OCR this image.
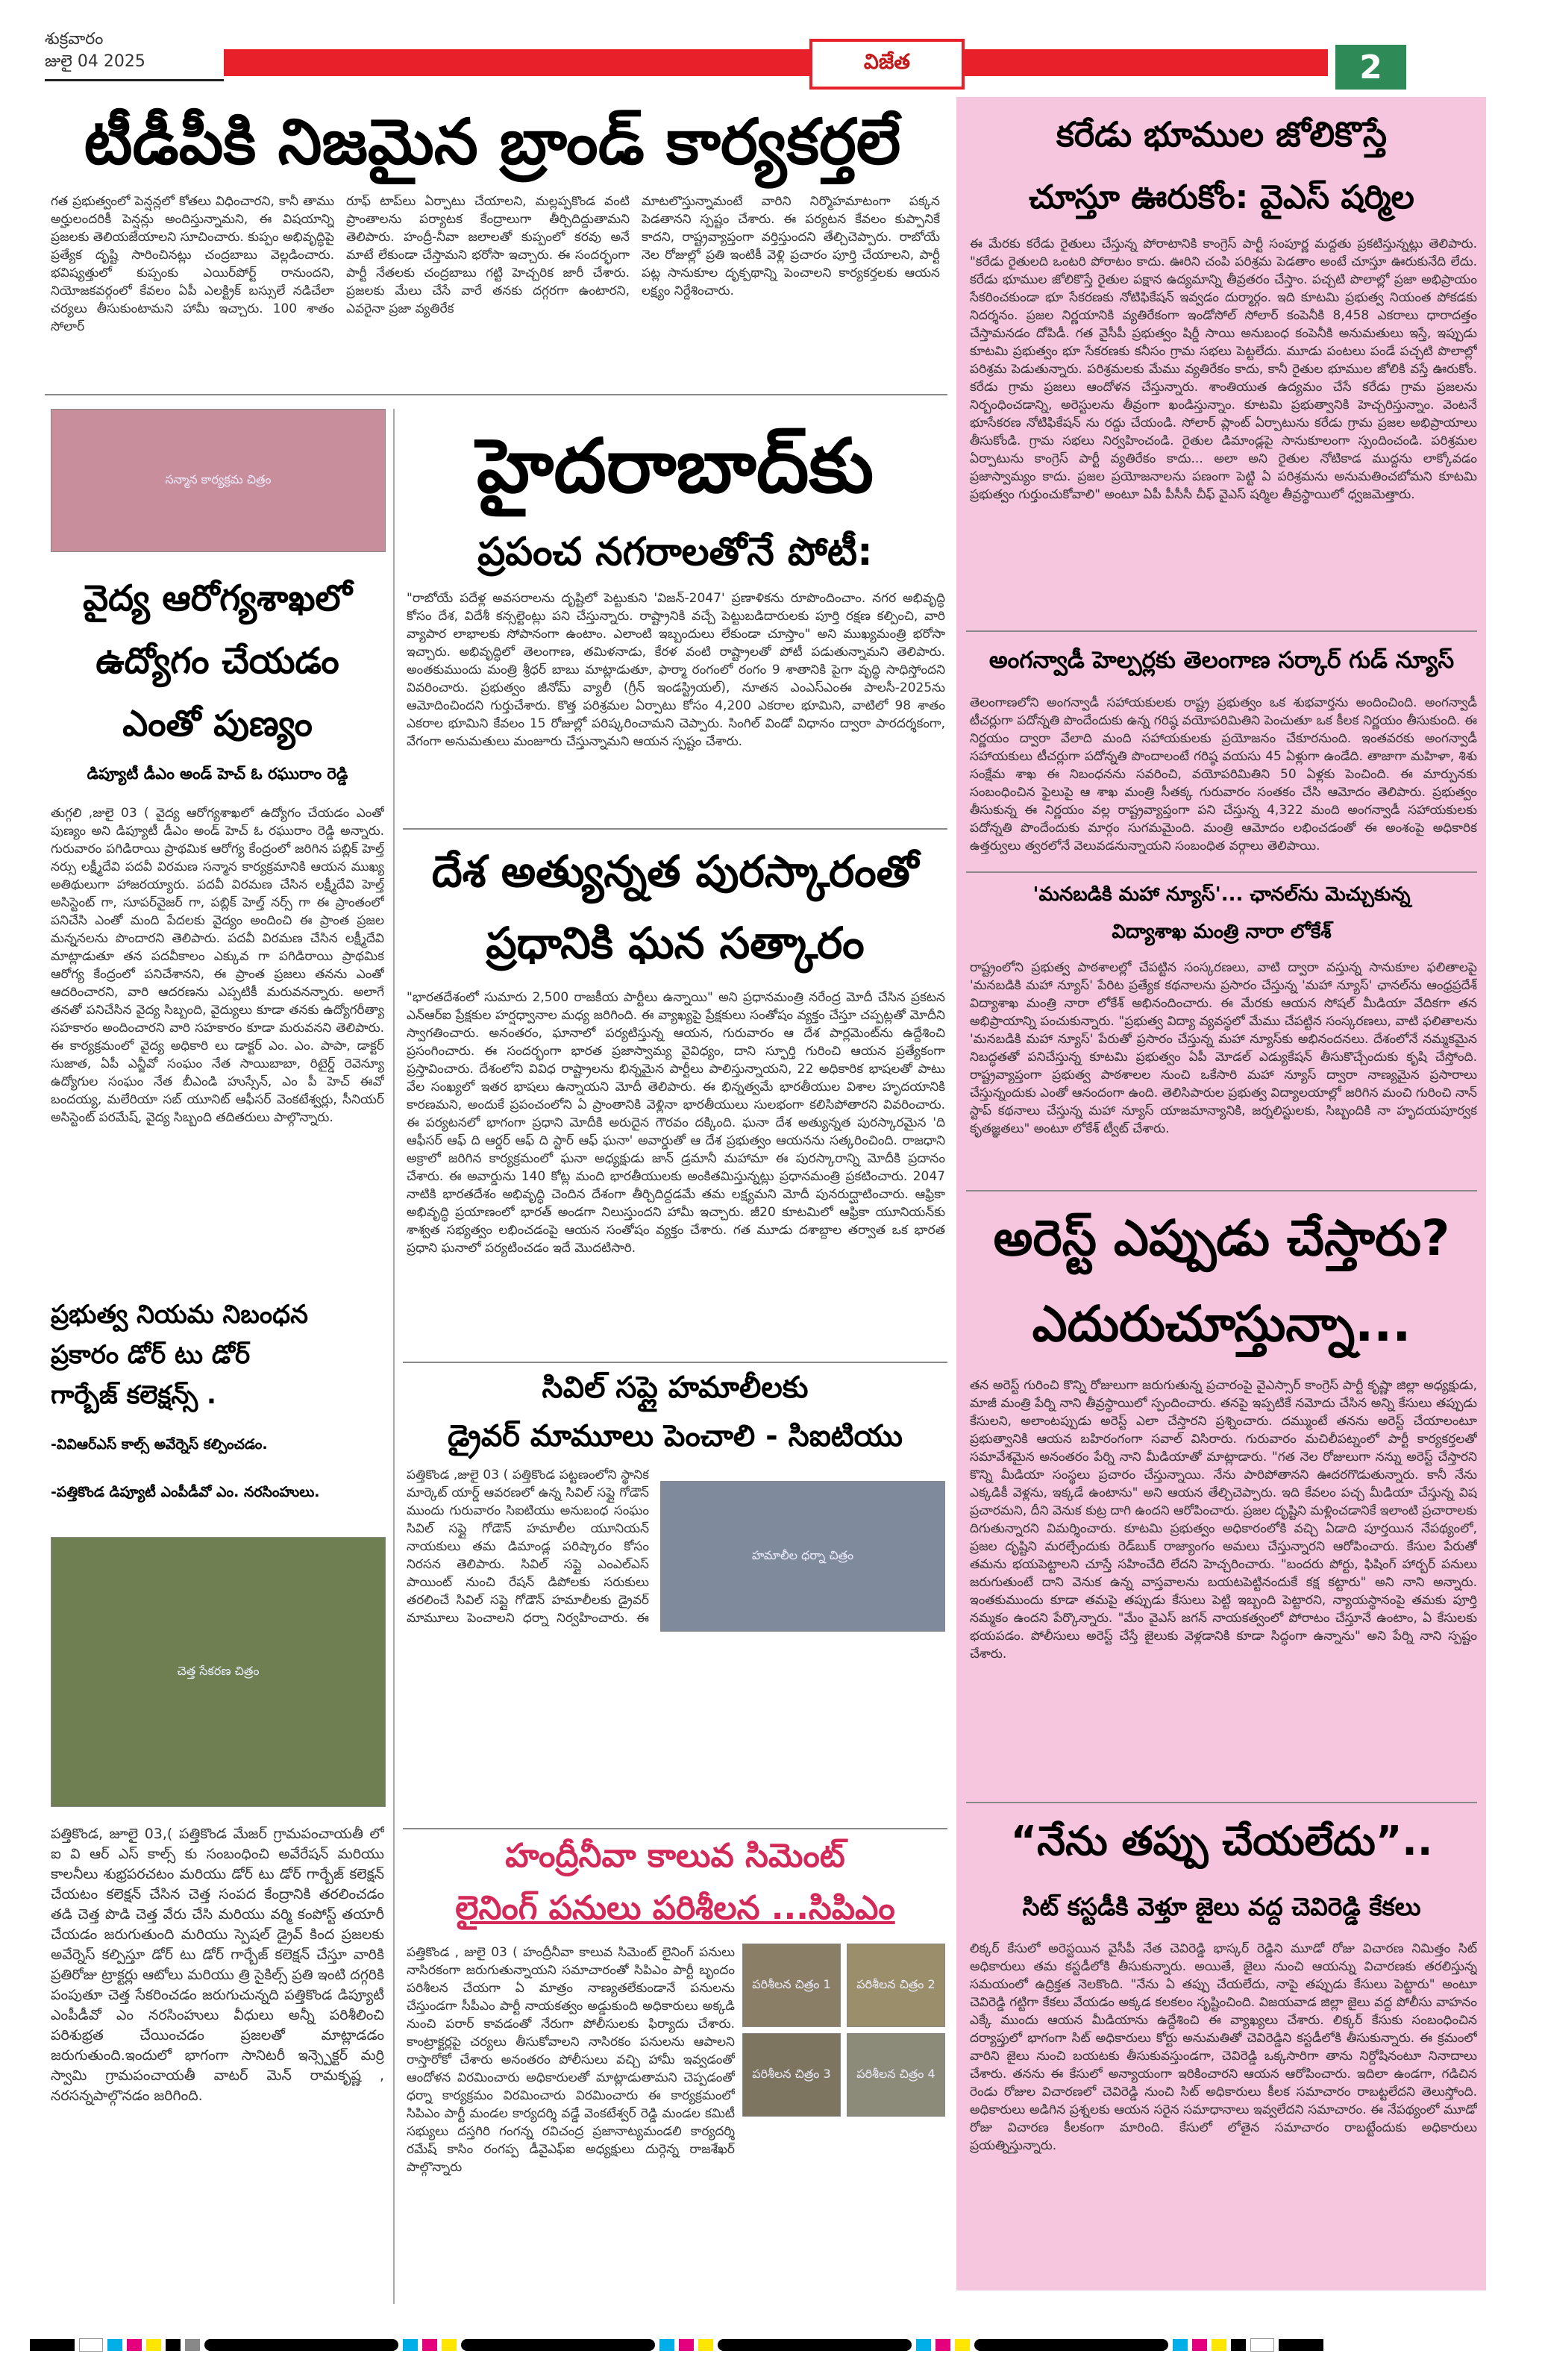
శుక్రవారం
జులై 04 2025	విజేత	2
టీడీపీకి నిజమైన బ్రాండ్ కార్యకర్తలే
గత ప్రభుత్వంలో పెన్షన్లలో కోతలు విధించారని, కానీ తాము అర్హులందరికీ పెన్షన్లు అందిస్తున్నామని, ఈ విషయాన్ని ప్రజలకు తెలియజేయాలని సూచించారు. కుప్పం అభివృద్ధిపై ప్రత్యేక దృష్టి సారించినట్లు చంద్రబాబు వెల్లడించారు. భవిష్యత్తులో కుప్పంకు ఎయిర్‌పోర్ట్ రానుందని, నియోజకవర్గంలో కేవలం ఏపీ ఎలక్ట్రిక్ బస్సులే నడిచేలా చర్యలు తీసుకుంటామని హామీ ఇచ్చారు. 100 శాతం సోలార్
రూఫ్ టాప్‌లు ఏర్పాటు చేయాలని, మల్లప్పకొండ వంటి ప్రాంతాలను పర్యాటక కేంద్రాలుగా తీర్చిదిద్దుతామని తెలిపారు. హంద్రీ-నీవా జలాలతో కుప్పంలో కరవు అనే మాటే లేకుండా చేస్తామని భరోసా ఇచ్చారు. ఈ సందర్భంగా పార్టీ నేతలకు చంద్రబాబు గట్టి హెచ్చరిక జారీ చేశారు. ప్రజలకు మేలు చేసే వారే తనకు దగ్గరగా ఉంటారని, ఎవరైనా ప్రజా వ్యతిరేక
మాటలొస్తున్నామంటే వారిని నిర్మొహమాటంగా పక్కన పెడతానని స్పష్టం చేశారు. ఈ పర్యటన కేవలం కుప్పానికే కాదని, రాష్ట్రవ్యాప్తంగా వర్తిస్తుందని తేల్చిచెప్పారు. రాబోయే నెల రోజుల్లో ప్రతి ఇంటికీ వెళ్లి ప్రచారం పూర్తి చేయాలని, పార్టీ పట్ల సానుకూల దృక్పథాన్ని పెంచాలని కార్యకర్తలకు ఆయన లక్ష్యం నిర్దేశించారు.
సన్మాన కార్యక్రమ చిత్రం
వైద్య ఆరోగ్యశాఖలో
ఉద్యోగం చేయడం
ఎంతో పుణ్యం
డిప్యూటీ డీఎం అండ్ హెచ్ ఓ రఘురాం రెడ్డి
తుగ్గలి ,జులై 03 ( వైద్య ఆరోగ్యశాఖలో ఉద్యోగం చేయడం ఎంతో పుణ్యం అని డిప్యూటీ డీఎం అండ్ హెచ్ ఓ రఘురాం రెడ్డి అన్నారు. గురువారం పగిడిరాయి ప్రాథమిక ఆరోగ్య కేంద్రంలో జరిగిన పబ్లిక్ హెల్త్ నర్సు లక్ష్మీదేవి పదవీ విరమణ సన్మాన కార్యక్రమానికి ఆయన ముఖ్య అతిథులుగా హాజరయ్యారు. పదవీ విరమణ చేసిన లక్ష్మీదేవి హెల్త్ అసిస్టెంట్ గా, సూపర్‌వైజర్ గా, పబ్లిక్ హెల్త్ నర్స్ గా ఈ ప్రాంతంలో పనిచేసి ఎంతో మంది పేదలకు వైద్యం అందించి ఈ ప్రాంత ప్రజల మన్ననలను పొందారని తెలిపారు. పదవీ విరమణ చేసిన లక్ష్మీదేవి మాట్లాడుతూ తన పదవీకాలం ఎక్కువ గా పగిడిరాయి ప్రాథమిక ఆరోగ్య కేంద్రంలో పనిచేశానని, ఈ ప్రాంత ప్రజలు తనను ఎంతో ఆదరించారని, వారి ఆదరణను ఎప్పటికీ మరువనన్నారు. అలాగే తనతో పనిచేసిన వైద్య సిబ్బంది, వైద్యులు కూడా తనకు ఉద్యోగరీత్యా సహకారం అందించారని వారి సహకారం కూడా మరువనని తెలిపారు. ఈ కార్యక్రమంలో వైద్య అధికారి లు డాక్టర్ ఎం. ఎం. పాపా, డాక్టర్ సుజాత, ఏపీ ఎన్జీవో సంఘం నేత సాయిబాబా, రిటైర్డ్ రెవెన్యూ ఉద్యోగుల సంఘం నేత బీఎండి హుస్సేన్, ఎం పీ హెచ్ ఈవో బందయ్య, మలేరియా సబ్ యూనిట్ ఆఫీసర్ వెంకటేశ్వర్లు, సీనియర్ అసిస్టెంట్ పరమేష్, వైద్య సిబ్బంది తదితరులు పాల్గొన్నారు.
ప్రభుత్వ నియమ నిబంధన
ప్రకారం డోర్ టు డోర్
గార్బేజ్ కలెక్షన్స్ .
-వివిఆర్ఎస్ కాల్స్ అవేర్నెస్ కల్పించడం.
-పత్తికొండ డిప్యూటీ ఎంపీడీవో ఎం. నరసింహులు.
చెత్త సేకరణ చిత్రం
పత్తికొండ, జూలై 03,( పత్తికొండ మేజర్ గ్రామపంచాయతీ లో ఐ వి ఆర్ ఎస్ కాల్స్ కు సంబంధించి అవేరేషన్ మరియు కాలనీలు శుభ్రపరచటం మరియు డోర్ టు డోర్ గార్బేజ్ కలెక్షన్ చేయటం కలెక్షన్ చేసిన చెత్త సంపద కేంద్రానికి తరలించడం తడి చెత్త పొడి చెత్త వేరు చేసి మరియు వర్మి కంపోస్ట్ తయారీ చేయడం జరుగుతుంది మరియు స్పెషల్ డ్రైవ్ కింద ప్రజలకు అవేర్నెస్ కల్పిస్తూ డోర్ టు డోర్ గార్బేజ్ కలెక్షన్ చేస్తూ వారికి ప్రతిరోజు ట్రాక్టర్లు ఆటోలు మరియు త్రి సైకిల్స్ ప్రతి ఇంటి దగ్గరికి పంపుతూ చెత్త సేకరించడం జరుగుచున్నది పత్తికొండ డిప్యూటీ ఎంపీడీవో ఎం నరసింహులు వీధులు అన్నీ పరిశీలించి పరిశుభ్రత చేయించడం ప్రజలతో మాట్లాడడం జరుగుతుంది.ఇందులో భాగంగా సానిటరీ ఇన్స్పెక్టర్ మర్రి స్వామి గ్రామపంచాయతీ వాటర్ మెన్ రామకృష్ణ , నరసన్నపాల్గొనడం జరిగింది.
హైదరాబాద్‌కు
ప్రపంచ నగరాలతోనే పోటీ:
"రాబోయే పదేళ్ల అవసరాలను దృష్టిలో పెట్టుకుని 'విజన్-2047' ప్రణాళికను రూపొందించాం. నగర అభివృద్ధి కోసం దేశ, విదేశీ కన్సల్టెంట్లు పని చేస్తున్నారు. రాష్ట్రానికి వచ్చే పెట్టుబడిదారులకు పూర్తి రక్షణ కల్పించి, వారి వ్యాపార లాభాలకు సోపానంగా ఉంటాం. ఎలాంటి ఇబ్బందులు లేకుండా చూస్తాం" అని ముఖ్యమంత్రి భరోసా ఇచ్చారు. అభివృద్ధిలో తెలంగాణ, తమిళనాడు, కేరళ వంటి రాష్ట్రాలతో పోటీ పడుతున్నామని తెలిపారు. అంతకుముందు మంత్రి శ్రీధర్ బాబు మాట్లాడుతూ, ఫార్మా రంగంలో రంగం 9 శాతానికి పైగా వృద్ధి సాధిస్తోందని వివరించారు. ప్రభుత్వం జీనోమ్ వ్యాలీ (గ్రీన్ ఇండస్ట్రియల్), నూతన ఎంఎస్ఎంఈ పాలసీ-2025ను ఆమోదించిందని గుర్తుచేశారు. కొత్త పరిశ్రమల ఏర్పాటు కోసం 4,200 ఎకరాల భూమిని, వాటిలో 98 శాతం ఎకరాల భూమిని కేవలం 15 రోజుల్లో పరిష్కరించామని చెప్పారు. సింగిల్ విండో విధానం ద్వారా పారదర్శకంగా, వేగంగా అనుమతులు మంజూరు చేస్తున్నామని ఆయన స్పష్టం చేశారు.
దేశ అత్యున్నత పురస్కారంతో
ప్రధానికి ఘన సత్కారం
"భారతదేశంలో సుమారు 2,500 రాజకీయ పార్టీలు ఉన్నాయి" అని ప్రధానమంత్రి నరేంద్ర మోదీ చేసిన ప్రకటన ఎన్ఆర్ఐ ప్రేక్షకుల హర్షధ్వానాల మధ్య జరిగింది. ఈ వ్యాఖ్యపై ప్రేక్షకులు సంతోషం వ్యక్తం చేస్తూ చప్పట్లతో మోదీని స్వాగతించారు. అనంతరం, ఘానాలో పర్యటిస్తున్న ఆయన, గురువారం ఆ దేశ పార్లమెంట్‌ను ఉద్దేశించి ప్రసంగించారు. ఈ సందర్భంగా భారత ప్రజాస్వామ్య వైవిధ్యం, దాని స్ఫూర్తి గురించి ఆయన ప్రత్యేకంగా ప్రస్తావించారు. దేశంలోని వివిధ రాష్ట్రాలను భిన్నమైన పార్టీలు పాలిస్తున్నాయని, 22 అధికారిక భాషలతో పాటు వేల సంఖ్యలో ఇతర భాషలు ఉన్నాయని మోదీ తెలిపారు. ఈ భిన్నత్వమే భారతీయుల విశాల హృదయానికి కారణమని, అందుకే ప్రపంచంలోని ఏ ప్రాంతానికి వెళ్లినా భారతీయులు సులభంగా కలిసిపోతారని వివరించారు. ఈ పర్యటనలో భాగంగా ప్రధాని మోదీకి అరుదైన గౌరవం దక్కింది. ఘనా దేశ అత్యున్నత పురస్కారమైన 'ది ఆఫీసర్ ఆఫ్ ది ఆర్డర్ ఆఫ్ ది స్టార్ ఆఫ్ ఘనా' అవార్డుతో ఆ దేశ ప్రభుత్వం ఆయనను సత్కరించింది. రాజధాని అక్రాలో జరిగిన కార్యక్రమంలో ఘనా అధ్యక్షుడు జాన్ డ్రమానీ మహామా ఈ పురస్కారాన్ని మోదీకి ప్రదానం చేశారు. ఈ అవార్డును 140 కోట్ల మంది భారతీయులకు అంకితమిస్తున్నట్లు ప్రధానమంత్రి ప్రకటించారు. 2047 నాటికి భారతదేశం అభివృద్ధి చెందిన దేశంగా తీర్చిదిద్దడమే తమ లక్ష్యమని మోదీ పునరుద్ఘాటించారు. ఆఫ్రికా అభివృద్ధి ప్రయాణంలో భారత్ అండగా నిలుస్తుందని హామీ ఇచ్చారు. జీ20 కూటమిలో ఆఫ్రికా యూనియన్‌కు శాశ్వత సభ్యత్వం లభించడంపై ఆయన సంతోషం వ్యక్తం చేశారు. గత మూడు దశాబ్దాల తర్వాత ఒక భారత ప్రధాని ఘనాలో పర్యటించడం ఇదే మొదటిసారి.
సివిల్ సప్లై హమాలీలకు
డ్రైవర్ మామూలు పెంచాలి - సిఐటియు
పత్తికొండ ,జులై 03 ( పత్తికొండ పట్టణంలోని స్థానిక మార్కెట్ యార్డ్ ఆవరణలో ఉన్న సివిల్ సప్లై గోడౌన్ ముందు గురువారం సిఐటియు అనుబంధ సంఘం సివిల్ సప్లై గోడౌన్ హమాలీల యూనియన్ నాయకులు తమ డిమాండ్ల పరిష్కారం కోసం నిరసన తెలిపారు. సివిల్ సప్లై ఎంఎల్ఎస్ పాయింట్ నుంచి రేషన్ డిపోలకు సరుకులు తరలించే సివిల్ సప్లై గోడౌన్ హమాలీలకు డ్రైవర్ మామూలు పెంచాలని ధర్నా నిర్వహించారు. ఈ
హమాలీల ధర్నా చిత్రం
హంద్రీనీవా కాలువ సిమెంట్
లైనింగ్ పనులు పరిశీలన ...సిపిఎం
పత్తికొండ , జులై 03 ( హంద్రీనీవా కాలువ సిమెంట్ లైనింగ్ పనులు నాసిరకంగా జరుగుతున్నాయని సమాచారంతో సిపిఎం పార్టీ బృందం పరిశీలన చేయగా ఏ మాత్రం నాణ్యతలేకుండానే పనులను చేస్తుండగా సీపీఎం పార్టీ నాయకత్వం అడ్డుకుంది అధికారులు అక్కడి నుంచి పరార్ కావడంతో నేరుగా పోలీసులకు ఫిర్యాదు చేశారు. కాంట్రాక్టర్లపై చర్యలు తీసుకోవాలని నాసిరకం పనులను ఆపాలని రాస్తారోకో చేశారు అనంతరం పోలీసులు వచ్చి హామీ ఇవ్వడంతో ఆందోళన విరమించారు అధికారులతో మాట్లాడుతామని చెప్పడంతో ధర్నా కార్యక్రమం విరమించారు విరమించారు ఈ కార్యక్రమంలో సిపిఎం పార్టీ మండల కార్యదర్శి వడ్డే వెంకటేశ్వర్ రెడ్డి మండల కమిటీ సభ్యులు దస్తగిరి గంగన్న రవిచంద్ర ప్రజానాట్యమండలి కార్యదర్శి రమేష్ కాసిం రంగప్ప డీవైఎఫ్ఐ అధ్యక్షులు దుర్గెన్న రాజశేఖర్ పాల్గొన్నారు
పరిశీలన చిత్రం 1 పరిశీలన చిత్రం 2
పరిశీలన చిత్రం 3 పరిశీలన చిత్రం 4
కరేడు భూముల జోలికొస్తే
చూస్తూ ఊరుకోం: వైఎస్ షర్మిల
ఈ మేరకు కరేడు రైతులు చేస్తున్న పోరాటానికి కాంగ్రెస్ పార్టీ సంపూర్ణ మద్దతు ప్రకటిస్తున్నట్లు తెలిపారు. "కరేడు రైతులది ఒంటరి పోరాటం కాదు. ఊరిని చంపి పరిశ్రమ పెడతాం అంటే చూస్తూ ఊరుకునేది లేదు. కరేడు భూముల జోలికొస్తే రైతుల పక్షాన ఉద్యమాన్ని తీవ్రతరం చేస్తాం. పచ్చటి పొలాల్లో ప్రజా అభిప్రాయం సేకరించకుండా భూ సేకరణకు నోటిఫికేషన్ ఇవ్వడం దుర్మార్గం. ఇది కూటమి ప్రభుత్వ నియంత పోకడకు నిదర్శనం. ప్రజల నిర్ణయానికి వ్యతిరేకంగా ఇండోసోల్ సోలార్ కంపెనీకి 8,458 ఎకరాలు ధారాదత్తం చేస్తామనడం దోపిడీ. గత వైసీపీ ప్రభుత్వం షిర్డీ సాయి అనుబంధ కంపెనీకి అనుమతులు ఇస్తే, ఇప్పుడు కూటమి ప్రభుత్వం భూ సేకరణకు కనీసం గ్రామ సభలు పెట్టలేదు. మూడు పంటలు పండే పచ్చటి పొలాల్లో పరిశ్రమ పెడుతున్నారు. పరిశ్రమలకు మేము వ్యతిరేకం కాదు, కానీ రైతుల భూముల జోలికి వస్తే ఊరుకోం. కరేడు గ్రామ ప్రజలు ఆందోళన చేస్తున్నారు. శాంతియుత ఉద్యమం చేసే కరేడు గ్రామ ప్రజలను నిర్బంధించడాన్ని, అరెస్టులను తీవ్రంగా ఖండిస్తున్నాం. కూటమి ప్రభుత్వానికి హెచ్చరిస్తున్నాం. వెంటనే భూసేకరణ నోటిఫికేషన్ ను రద్దు చేయండి. సోలార్ ప్లాంట్ ఏర్పాటును కరేడు గ్రామ ప్రజల అభిప్రాయాలు తీసుకోండి. గ్రామ సభలు నిర్వహించండి. రైతుల డిమాండ్లపై సానుకూలంగా స్పందించండి. పరిశ్రమల ఏర్పాటును కాంగ్రెస్ పార్టీ వ్యతిరేకం కాదు... అలా అని రైతుల నోటికాడ ముద్దను లాక్కోవడం ప్రజాస్వామ్యం కాదు. ప్రజల ప్రయోజనాలను పణంగా పెట్టి ఏ పరిశ్రమను అనుమతించబోమని కూటమి ప్రభుత్వం గుర్తుంచుకోవాలి" అంటూ ఏపీ పీసీసీ చీఫ్ వైఎస్ షర్మిల తీవ్రస్థాయిలో ధ్వజమెత్తారు.
అంగన్వాడీ హెల్పర్లకు తెలంగాణ సర్కార్ గుడ్ న్యూస్
తెలంగాణలోని అంగన్వాడీ సహాయకులకు రాష్ట్ర ప్రభుత్వం ఒక శుభవార్తను అందించింది. అంగన్వాడీ టీచర్లుగా పదోన్నతి పొందేందుకు ఉన్న గరిష్ఠ వయోపరిమితిని పెంచుతూ ఒక కీలక నిర్ణయం తీసుకుంది. ఈ నిర్ణయం ద్వారా వేలాది మంది సహాయకులకు ప్రయోజనం చేకూరనుంది. ఇంతవరకు అంగన్వాడీ సహాయకులు టీచర్లుగా పదోన్నతి పొందాలంటే గరిష్ఠ వయసు 45 ఏళ్లుగా ఉండేది. తాజాగా మహిళా, శిశు సంక్షేమ శాఖ ఈ నిబంధనను సవరించి, వయోపరిమితిని 50 ఏళ్లకు పెంచింది. ఈ మార్పునకు సంబంధించిన ఫైలుపై ఆ శాఖ మంత్రి సీతక్క గురువారం సంతకం చేసి ఆమోదం తెలిపారు. ప్రభుత్వం తీసుకున్న ఈ నిర్ణయం వల్ల రాష్ట్రవ్యాప్తంగా పని చేస్తున్న 4,322 మంది అంగన్వాడీ సహాయకులకు పదోన్నతి పొందేందుకు మార్గం సుగమమైంది. మంత్రి ఆమోదం లభించడంతో ఈ అంశంపై అధికారిక ఉత్తర్వులు త్వరలోనే వెలువడనున్నాయని సంబంధిత వర్గాలు తెలిపాయి.
'మనబడికి మహా న్యూస్'... ఛానల్‌ను మెచ్చుకున్న
విద్యాశాఖ మంత్రి నారా లోకేశ్
రాష్ట్రంలోని ప్రభుత్వ పాఠశాలల్లో చేపట్టిన సంస్కరణలు, వాటి ద్వారా వస్తున్న సానుకూల ఫలితాలపై 'మనబడికి మహా న్యూస్' పేరిట ప్రత్యేక కథనాలను ప్రసారం చేస్తున్న 'మహా న్యూస్' ఛానల్‌ను ఆంధ్రప్రదేశ్ విద్యాశాఖ మంత్రి నారా లోకేశ్ అభినందించారు. ఈ మేరకు ఆయన సోషల్ మీడియా వేదికగా తన అభిప్రాయాన్ని పంచుకున్నారు. "ప్రభుత్వ విద్యా వ్యవస్థలో మేము చేపట్టిన సంస్కరణలు, వాటి ఫలితాలను 'మనబడికి మహా న్యూస్' పేరుతో ప్రసారం చేస్తున్న మహా న్యూస్‌కు అభినందనలు. దేశంలోనే నమ్మకమైన నిబద్ధతతో పనిచేస్తున్న కూటమి ప్రభుత్వం ఏపీ మోడల్ ఎడ్యుకేషన్ తీసుకొచ్చేందుకు కృషి చేస్తోంది. రాష్ట్రవ్యాప్తంగా ప్రభుత్వ పాఠశాలల నుంచి ఒకేసారి మహా న్యూస్ ద్వారా నాణ్యమైన ప్రసారాలు చేస్తున్నందుకు ఎంతో ఆనందంగా ఉంది. తెలిసిపారుల ప్రభుత్వ విద్యాలయాల్లో జరిగిన మంచి గురించి నాన్ స్టాప్ కథనాలు చేస్తున్న మహా న్యూస్ యాజమాన్యానికి, జర్నలిస్టులకు, సిబ్బందికి నా హృదయపూర్వక కృతజ్ఞతలు" అంటూ లోకేశ్ ట్వీట్ చేశారు.
అరెస్ట్ ఎప్పుడు చేస్తారు?
ఎదురుచూస్తున్నా...
తన అరెస్ట్ గురించి కొన్ని రోజులుగా జరుగుతున్న ప్రచారంపై వైఎస్సార్ కాంగ్రెస్ పార్టీ కృష్ణా జిల్లా అధ్యక్షుడు, మాజీ మంత్రి పేర్ని నాని తీవ్రస్థాయిలో స్పందించారు. తనపై ఇప్పటికే నమోదు చేసిన అన్ని కేసులు తప్పుడు కేసులని, అలాంటప్పుడు అరెస్ట్ ఎలా చేస్తారని ప్రశ్నించారు. దమ్ముంటే తనను అరెస్ట్ చేయాలంటూ ప్రభుత్వానికి ఆయన బహిరంగంగా సవాల్ విసిరారు. గురువారం మచిలీపట్నంలో పార్టీ కార్యకర్తలతో సమావేశమైన అనంతరం పేర్ని నాని మీడియాతో మాట్లాడారు. "గత నెల రోజులుగా నన్ను అరెస్ట్ చేస్తారని కొన్ని మీడియా సంస్థలు ప్రచారం చేస్తున్నాయి. నేను పారిపోతానని ఊదరగొడుతున్నారు. కానీ నేను ఎక్కడికీ వెళ్లను, ఇక్కడే ఉంటాను" అని ఆయన తేల్చిచెప్పారు. ఇది కేవలం పచ్చ మీడియా చేస్తున్న విష ప్రచారమని, దీని వెనుక కుట్ర దాగి ఉందని ఆరోపించారు. ప్రజల దృష్టిని మళ్లించడానికే ఇలాంటి ప్రచారాలకు దిగుతున్నారని విమర్శించారు. కూటమి ప్రభుత్వం అధికారంలోకి వచ్చి ఏడాది పూర్తయిన నేపథ్యంలో, ప్రజల దృష్టిని మరల్చేందుకు రెడ్‌బుక్ రాజ్యాంగం అమలు చేస్తున్నారని ఆరోపించారు. కేసుల పేరుతో తమను భయపెట్టాలని చూస్తే సహించేది లేదని హెచ్చరించారు. "బందరు పోర్టు, ఫిషింగ్ హార్బర్ పనులు జరుగుతుంటే దాని వెనుక ఉన్న వాస్తవాలను బయటపెట్టినందుకే కక్ష కట్టారు" అని నాని అన్నారు. ఇంతకుముందు కూడా తమపై తప్పుడు కేసులు పెట్టి ఇబ్బంది పెట్టారని, న్యాయస్థానంపై తమకు పూర్తి నమ్మకం ఉందని పేర్కొన్నారు. "మేం వైఎస్ జగన్ నాయకత్వంలో పోరాటం చేస్తూనే ఉంటాం, ఏ కేసులకు భయపడం. పోలీసులు అరెస్ట్ చేస్తే జైలుకు వెళ్లడానికి కూడా సిద్ధంగా ఉన్నాను" అని పేర్ని నాని స్పష్టం చేశారు.
“నేను తప్పు చేయలేదు”..
సిట్ కస్టడీకి వెళ్తూ జైలు వద్ద చెవిరెడ్డి కేకలు
లిక్కర్ కేసులో అరెస్టయిన వైసీపీ నేత చెవిరెడ్డి భాస్కర్ రెడ్డిని మూడో రోజు విచారణ నిమిత్తం సిట్ అధికారులు తమ కస్టడీలోకి తీసుకున్నారు. అయితే, జైలు నుంచి ఆయన్ను విచారణకు తరలిస్తున్న సమయంలో ఉద్రిక్తత నెలకొంది. "నేను ఏ తప్పు చేయలేదు, నాపై తప్పుడు కేసులు పెట్టారు" అంటూ చెవిరెడ్డి గట్టిగా కేకలు వేయడం అక్కడ కలకలం సృష్టించింది. విజయవాడ జిల్లా జైలు వద్ద పోలీసు వాహనం ఎక్కే ముందు ఆయన మీడియాను ఉద్దేశించి ఈ వ్యాఖ్యలు చేశారు. లిక్కర్ కేసుకు సంబంధించిన దర్యాప్తులో భాగంగా సిట్ అధికారులు కోర్టు అనుమతితో చెవిరెడ్డిని కస్టడీలోకి తీసుకున్నారు. ఈ క్రమంలో వారిని జైలు నుంచి బయటకు తీసుకువస్తుండగా, చెవిరెడ్డి ఒక్కసారిగా తాను నిర్దోషినంటూ నినాదాలు చేశారు. తనను ఈ కేసులో అన్యాయంగా ఇరికించారని ఆయన ఆరోపించారు. ఇదిలా ఉండగా, గడిచిన రెండు రోజుల విచారణలో చెవిరెడ్డి నుంచి సిట్ అధికారులు కీలక సమాచారం రాబట్టలేదని తెలుస్తోంది. అధికారులు అడిగిన ప్రశ్నలకు ఆయన సరైన సమాధానాలు ఇవ్వలేదని సమాచారం. ఈ నేపథ్యంలో మూడో రోజు విచారణ కీలకంగా మారింది. కేసులో లోతైన సమాచారం రాబట్టేందుకు అధికారులు ప్రయత్నిస్తున్నారు.
